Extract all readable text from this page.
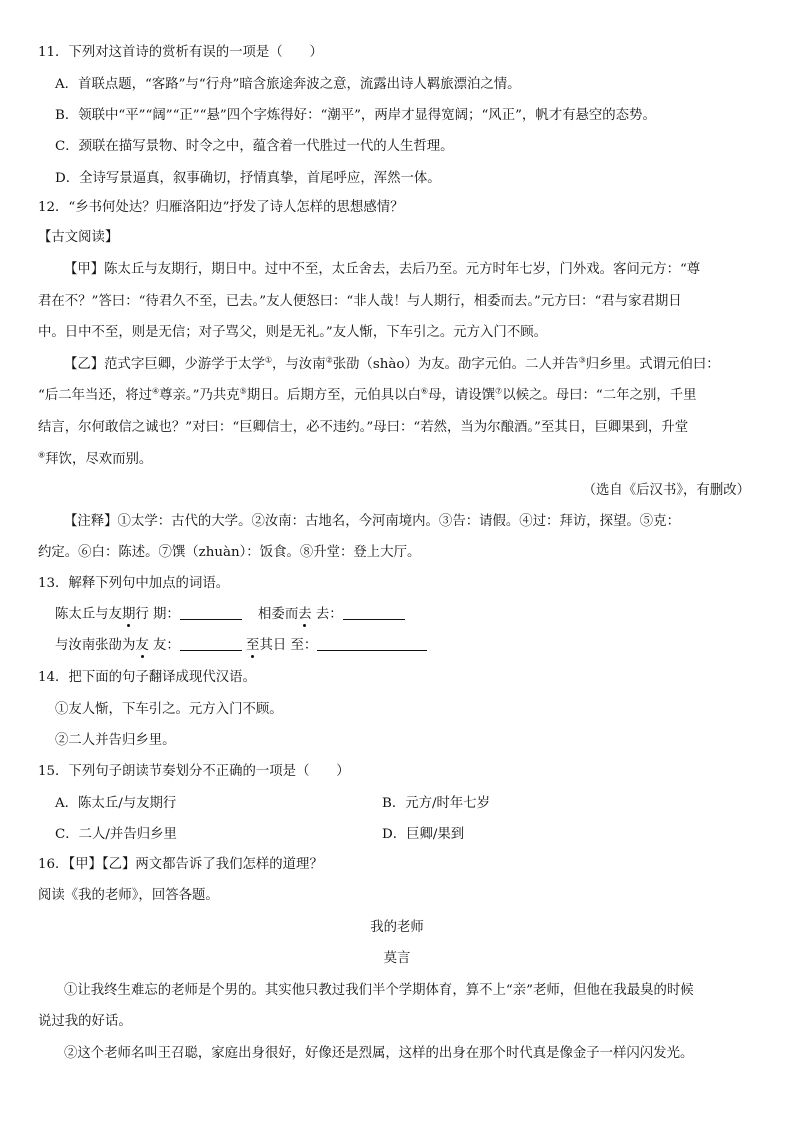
11．下列对这首诗的赏析有误的一项是（　　）
A．首联点题，“客路”与“行舟”暗含旅途奔波之意，流露出诗人羁旅漂泊之情。
B．领联中“平”“阔”“正”“悬”四个字炼得好：“潮平”，两岸才显得宽阔；“风正”，帆才有悬空的态势。
C．颈联在描写景物、时令之中，蕴含着一代胜过一代的人生哲理。
D．全诗写景逼真，叙事确切，抒情真挚，首尾呼应，浑然一体。
12．“乡书何处达？归雁洛阳边”抒发了诗人怎样的思想感情？
【古文阅读】
【甲】陈太丘与友期行，期日中。过中不至，太丘舍去，去后乃至。元方时年七岁，门外戏。客问元方：“尊
君在不？”答曰：“待君久不至，已去。”友人便怒曰：“非人哉！与人期行，相委而去。”元方曰：“君与家君期日
中。日中不至，则是无信；对子骂父，则是无礼。”友人惭，下车引之。元方入门不顾。
【乙】范式字巨卿，少游学于太学①，与汝南②张劭（shào）为友。劭字元伯。二人并告③归乡里。式谓元伯曰：
“后二年当还，将过④尊亲。”乃共克⑤期日。后期方至，元伯具以白⑥母，请设馔⑦以候之。母曰：“二年之别，千里
结言，尔何敢信之诚也？”对曰：“巨卿信士，必不违约。”母曰：“若然，当为尔酿酒。”至其日，巨卿果到，升堂
⑧拜饮，尽欢而别。
（选自《后汉书》，有删改）
【注释】①太学：古代的大学。②汝南：古地名，今河南境内。③告：请假。④过：拜访，探望。⑤克：
约定。⑥白：陈述。⑦馔（zhuàn）：饭食。⑧升堂：登上大厅。
13．解释下列句中加点的词语。
陈太丘与友期行 期：	相委而去 去：
与汝南张劭为友 友：	至其日 至：
14．把下面的句子翻译成现代汉语。
①友人惭，下车引之。元方入门不顾。
②二人并告归乡里。
15．下列句子朗读节奏划分不正确的一项是（　　）
A．陈太丘/与友期行	B．元方/时年七岁
C．二人/并告归乡里	D．巨卿/果到
16．【甲】【乙】两文都告诉了我们怎样的道理？
阅读《我的老师》，回答各题。
我的老师
莫言
①让我终生难忘的老师是个男的。其实他只教过我们半个学期体育，算不上“亲”老师，但他在我最臭的时候
说过我的好话。
②这个老师名叫王召聪，家庭出身很好，好像还是烈属，这样的出身在那个时代真是像金子一样闪闪发光。
